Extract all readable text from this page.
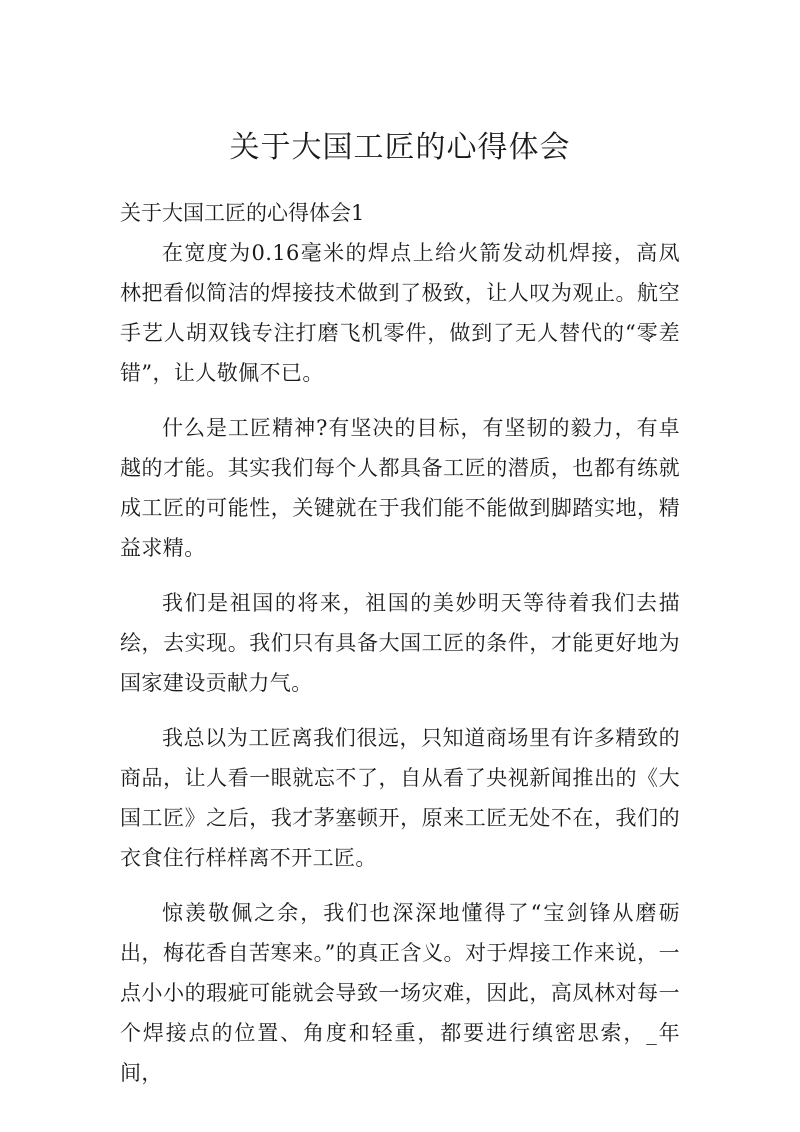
关于大国工匠的心得体会
关于大国工匠的心得体会1

在宽度为0.16毫米的焊点上给火箭发动机焊接，高凤林把看似简洁的焊接技术做到了极致，让人叹为观止。航空手艺人胡双钱专注打磨飞机零件，做到了无人替代的“零差错”，让人敬佩不已。

什么是工匠精神?有坚决的目标，有坚韧的毅力，有卓越的才能。其实我们每个人都具备工匠的潜质，也都有练就成工匠的可能性，关键就在于我们能不能做到脚踏实地，精益求精。

我们是祖国的将来，祖国的美妙明天等待着我们去描绘，去实现。我们只有具备大国工匠的条件，才能更好地为国家建设贡献力气。

我总以为工匠离我们很远，只知道商场里有许多精致的商品，让人看一眼就忘不了，自从看了央视新闻推出的《大国工匠》之后，我才茅塞顿开，原来工匠无处不在，我们的衣食住行样样离不开工匠。

惊羡敬佩之余，我们也深深地懂得了“宝剑锋从磨砺出，梅花香自苦寒来。”的真正含义。对于焊接工作来说，一点小小的瑕疵可能就会导致一场灾难，因此，高凤林对每一个焊接点的位置、角度和轻重，都要进行缜密思索，_年间，
